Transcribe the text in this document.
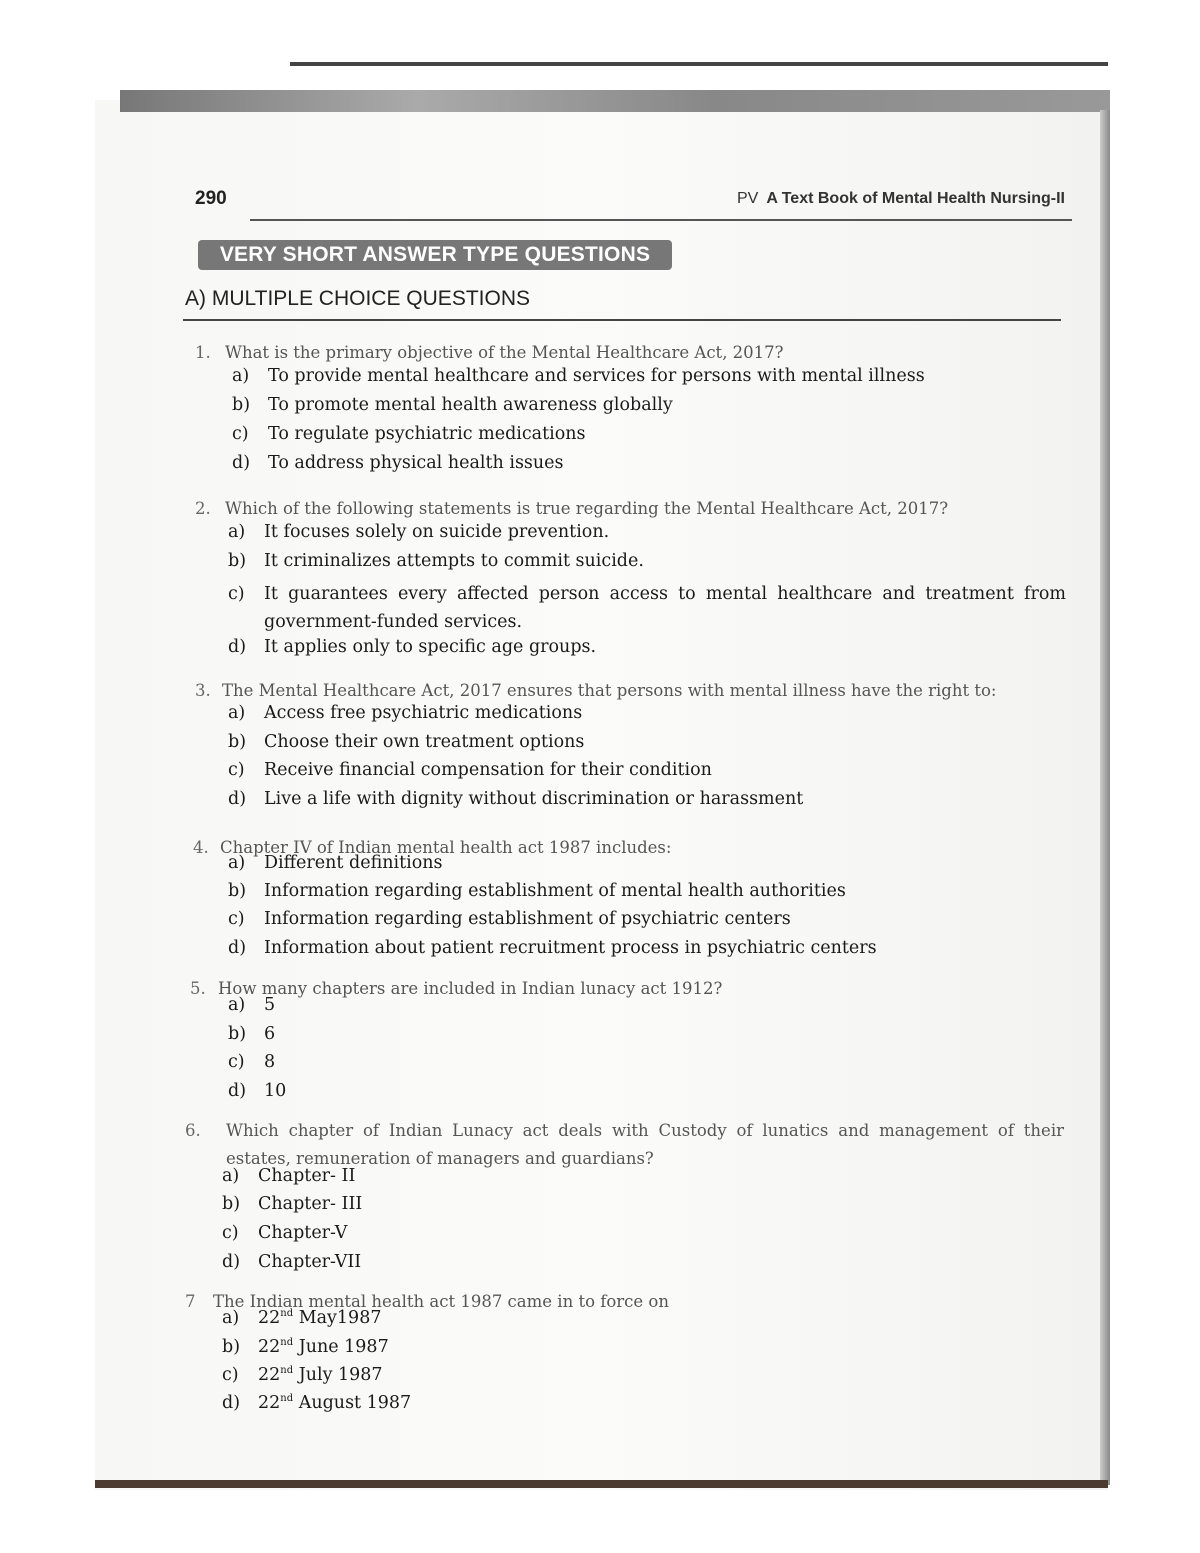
290	PV A Text Book of Mental Health Nursing-II
VERY SHORT ANSWER TYPE QUESTIONS
A) MULTIPLE CHOICE QUESTIONS
1. What is the primary objective of the Mental Healthcare Act, 2017?
a) To provide mental healthcare and services for persons with mental illness
b) To promote mental health awareness globally
c) To regulate psychiatric medications
d) To address physical health issues
2. Which of the following statements is true regarding the Mental Healthcare Act, 2017?
a) It focuses solely on suicide prevention.
b) It criminalizes attempts to commit suicide.
c) It guarantees every affected person access to mental healthcare and treatment from
government-funded services.
d) It applies only to specific age groups.
3. The Mental Healthcare Act, 2017 ensures that persons with mental illness have the right to:
a) Access free psychiatric medications
b) Choose their own treatment options
c) Receive financial compensation for their condition
d) Live a life with dignity without discrimination or harassment
4. Chapter IV of Indian mental health act 1987 includes:
a) Different definitions
b) Information regarding establishment of mental health authorities
c) Information regarding establishment of psychiatric centers
d) Information about patient recruitment process in psychiatric centers
5. How many chapters are included in Indian lunacy act 1912?
a) 5
b) 6
c) 8
d) 10
6. Which chapter of Indian Lunacy act deals with Custody of lunatics and management of their
estates, remuneration of managers and guardians?
a) Chapter- II
b) Chapter- III
c) Chapter-V
d) Chapter-VII
7 The Indian mental health act 1987 came in to force on
a) 22nd May1987
b) 22nd June 1987
c) 22nd July 1987
d) 22nd August 1987
